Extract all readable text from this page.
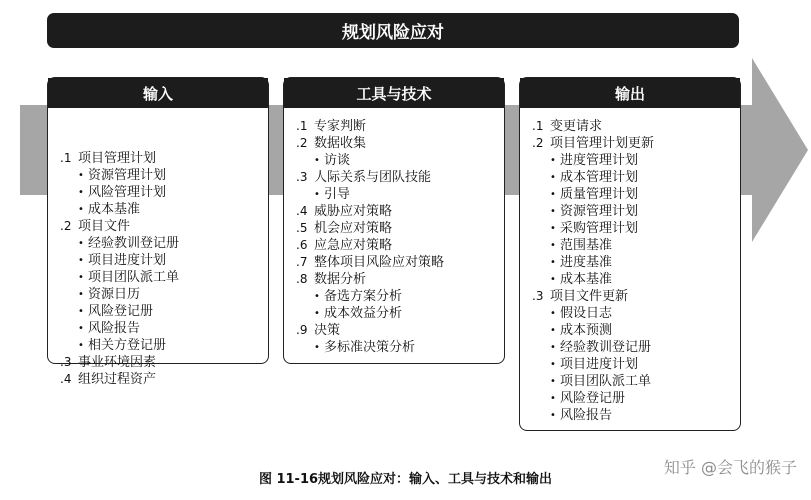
规划风险应对
输入
.1 项目管理计划
• 资源管理计划
• 风险管理计划
• 成本基准
.2 项目文件
• 经验教训登记册
• 项目进度计划
• 项目团队派工单
• 资源日历
• 风险登记册
• 风险报告
• 相关方登记册
.3 事业环境因素
.4 组织过程资产
工具与技术
.1 专家判断
.2 数据收集
• 访谈
.3 人际关系与团队技能
• 引导
.4 威胁应对策略
.5 机会应对策略
.6 应急应对策略
.7 整体项目风险应对策略
.8 数据分析
• 备选方案分析
• 成本效益分析
.9 决策
• 多标准决策分析
输出
.1 变更请求
.2 项目管理计划更新
• 进度管理计划
• 成本管理计划
• 质量管理计划
• 资源管理计划
• 采购管理计划
• 范围基准
• 进度基准
• 成本基准
.3 项目文件更新
• 假设日志
• 成本预测
• 经验教训登记册
• 项目进度计划
• 项目团队派工单
• 风险登记册
• 风险报告
图 11-16规划风险应对：输入、工具与技术和输出
知乎 @会飞的猴子
